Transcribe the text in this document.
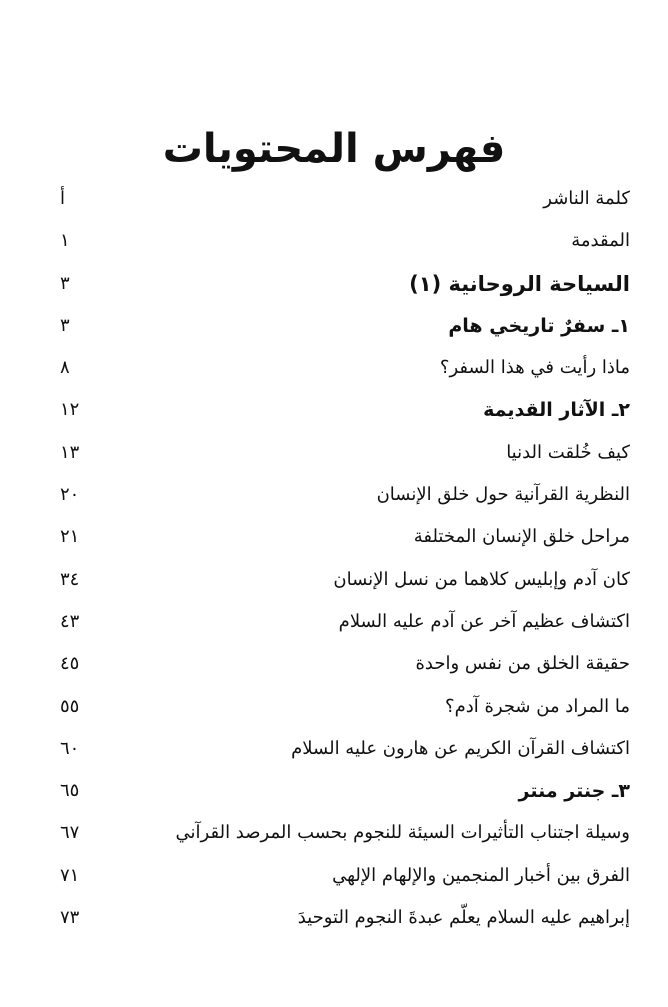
فهرس المحتويات
كلمة الناشر
أ
المقدمة
١
السياحة الروحانية (١)
٣
١ـ سفرٌ تاريخي هام
٣
ماذا رأيت في هذا السفر؟
٨
٢ـ الآثار القديمة
١٢
كيف خُلقت الدنيا
١٣
النظرية القرآنية حول خلق الإنسان
٢٠
مراحل خلق الإنسان المختلفة
٢١
كان آدم وإبليس كلاهما من نسل الإنسان
٣٤
اكتشاف عظيم آخر عن آدم عليه السلام
٤٣
حقيقة الخلق من نفس واحدة
٤٥
ما المراد من شجرة آدم؟
٥٥
اكتشاف القرآن الكريم عن هارون عليه السلام
٦٠
٣ـ جنتر منتر
٦٥
وسيلة اجتناب التأثيرات السيئة للنجوم بحسب المرصد القرآني
٦٧
الفرق بين أخبار المنجمين والإلهام الإلهي
٧١
إبراهيم عليه السلام يعلّم عبدةَ النجوم التوحيدَ
٧٣
